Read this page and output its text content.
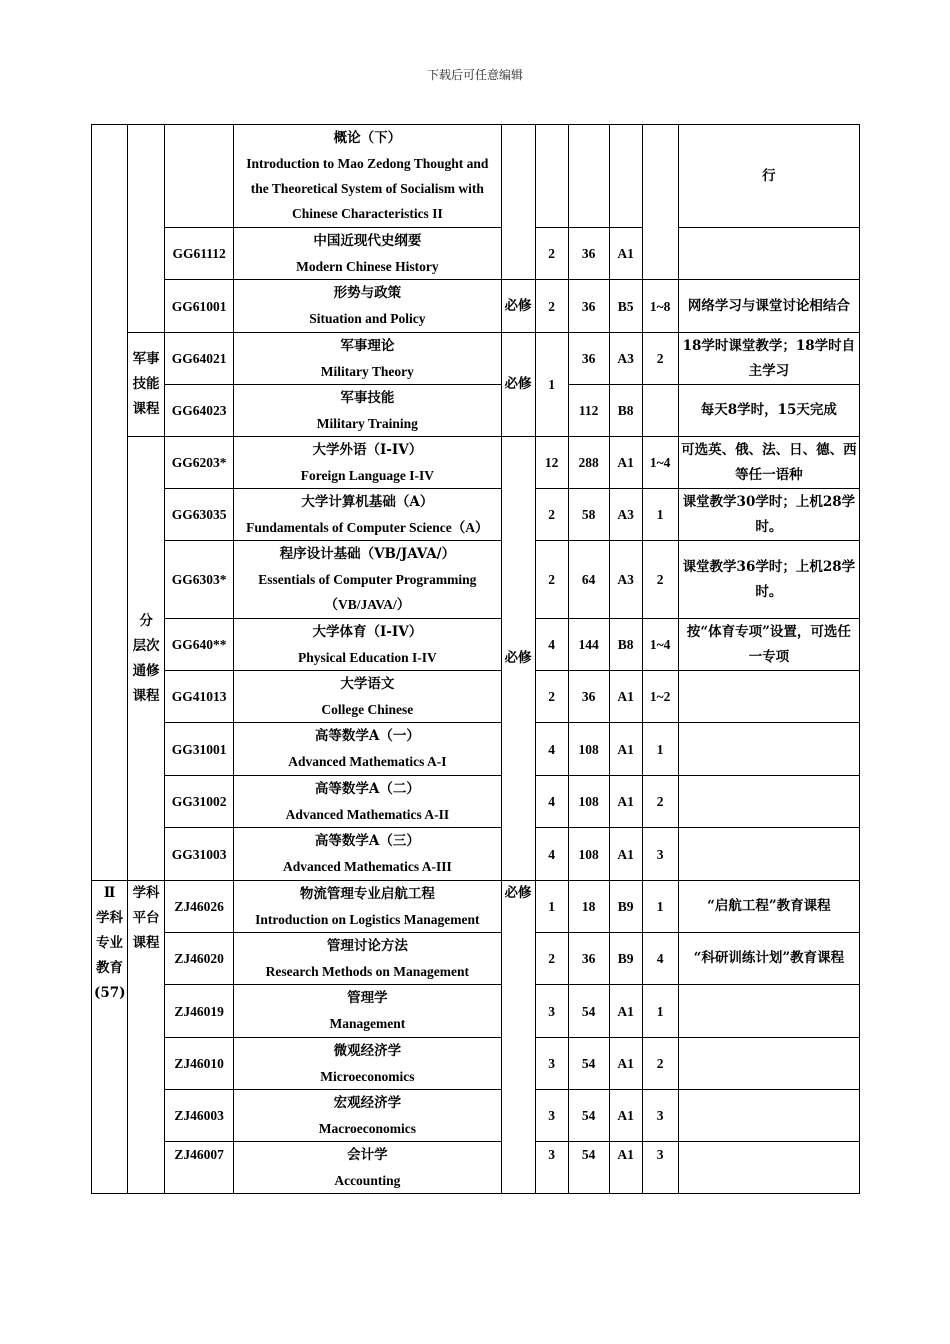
下载后可任意编辑

			概论（下）
Introduction to Mao Zedong Thought and the Theoretical System of Socialism with Chinese Characteristics II						行
		GG61112	中国近现代史纲要
Modern Chinese History		2	36	A1		
		GG61001	形势与政策
Situation and Policy	必修	2	36	B5	1~8	网络学习与课堂讨论相结合

	军事
技能
课程	GG64021	军事理论
Military Theory	必修	1	36	A3	2	18学时课堂教学；18学时自主学习
		GG64023	军事技能
Military Training			112	B8		每天8学时，15天完成

	分
层次
通修
课程	GG6203*	大学外语（I-IV）
Foreign Language I-IV	必修	12	288	A1	1~4	可选英、俄、法、日、德、西等任一语种
		GG63035	大学计算机基础（A）
Fundamentals of Computer Science（A）		2	58	A3	1	课堂教学30学时；上机28学时。
		GG6303*	程序设计基础（VB/JAVA/）
Essentials of Computer Programming（VB/JAVA/）		2	64	A3	2	课堂教学36学时；上机28学时。
		GG640**	大学体育（I-IV）
Physical Education I-IV		4	144	B8	1~4	按“体育专项”设置，可选任一专项
		GG41013	大学语文
College Chinese		2	36	A1	1~2	
		GG31001	高等数学A（一）
Advanced Mathematics A-I		4	108	A1	1	
		GG31002	高等数学A（二）
Advanced Mathematics A-II		4	108	A1	2	
		GG31003	高等数学A（三）
Advanced Mathematics A-III		4	108	A1	3	

Ⅱ
学科
专业
教育
(57)	学科
平台
课程	ZJ46026	物流管理专业启航工程
Introduction on Logistics Management	必修	1	18	B9	1	“启航工程”教育课程
		ZJ46020	管理讨论方法
Research Methods on Management		2	36	B9	4	“科研训练计划”教育课程
		ZJ46019	管理学
Management		3	54	A1	1	
		ZJ46010	微观经济学
Microeconomics		3	54	A1	2	
		ZJ46003	宏观经济学
Macroeconomics		3	54	A1	3	
		ZJ46007	会计学
Accounting		3	54	A1	3	
